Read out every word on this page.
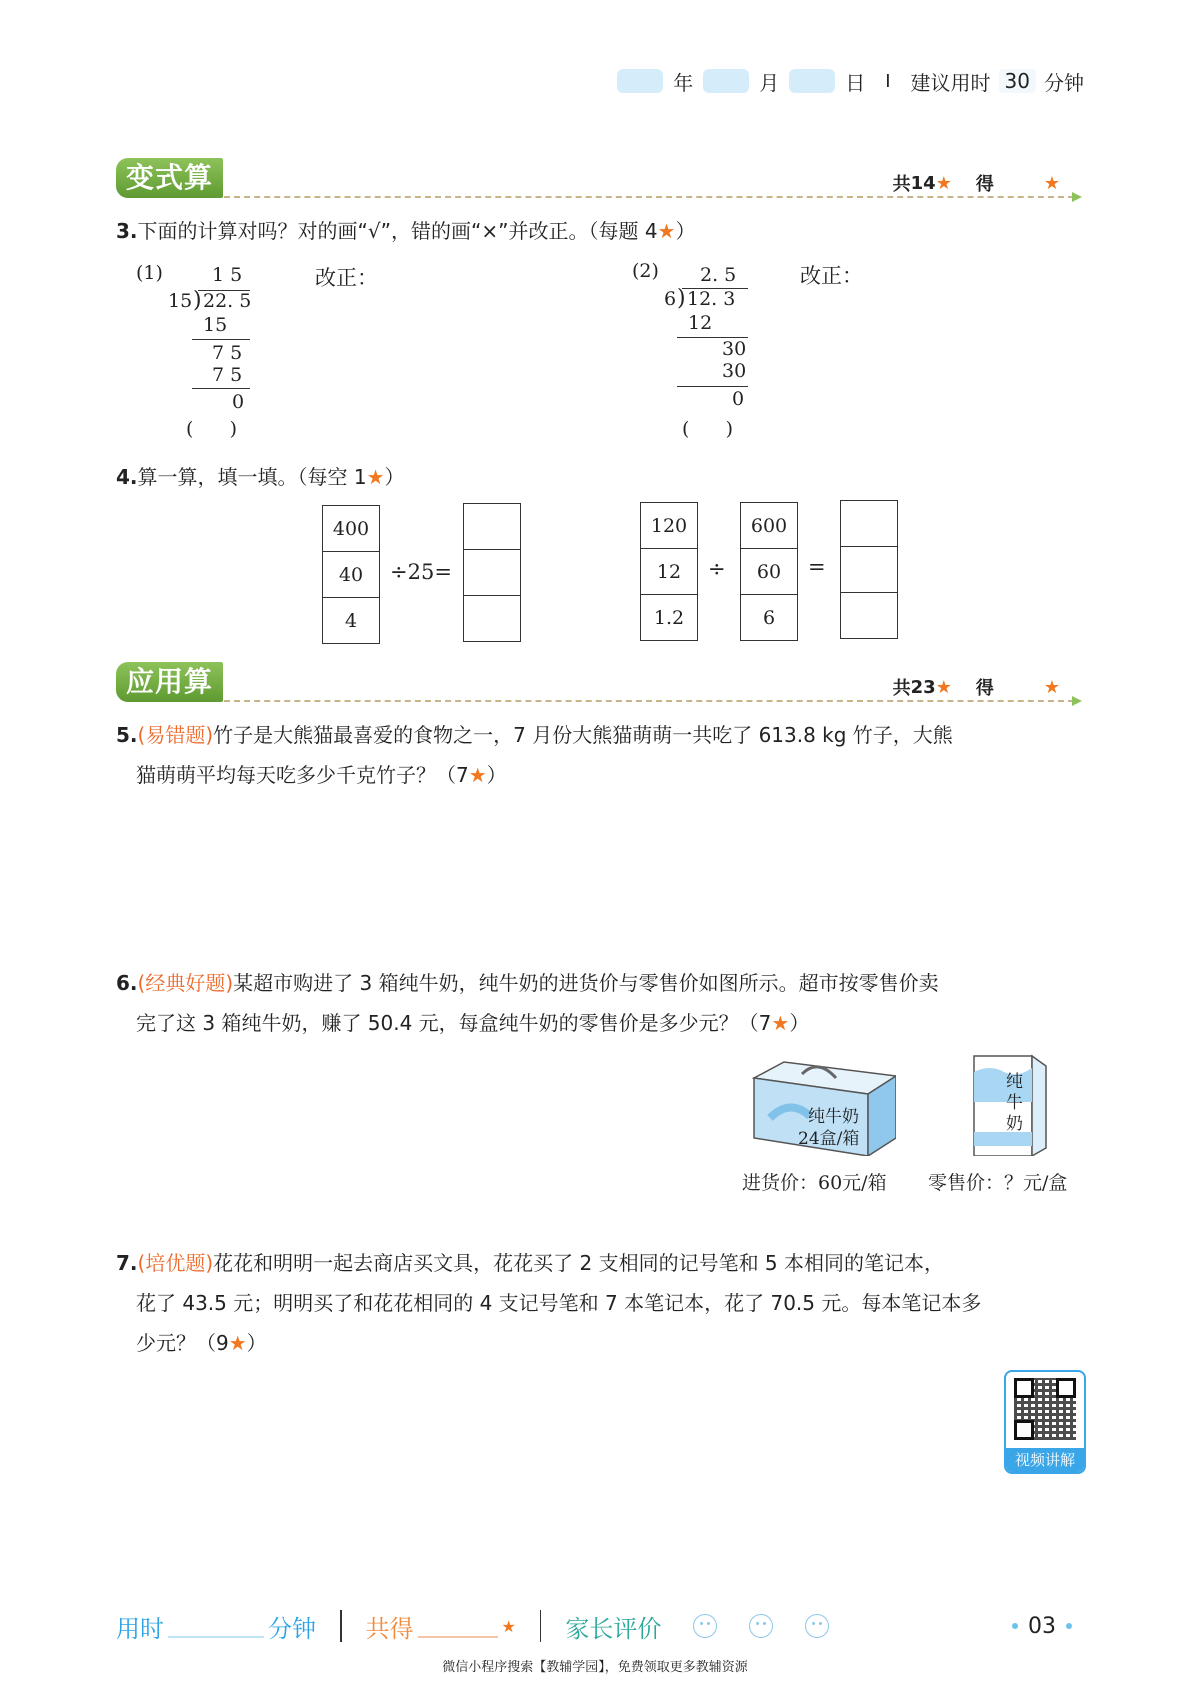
年	月	日 I 建议用时 30 分钟
变式算	共 14 ★ 得	★
3.下面的计算对吗？对的画“√”，错的画“×”并改正。（每题 4★）
(1)	1 5
15 ) 22. 5
15
7 5
7 5
0
(      )
改正：	(2) 2. 5
6 ) 12. 3
12
30
30
0
(      )
改正：
4.算一算，填一填。（每空 1★）
400
40
4
÷25=
120
12
1.2
÷
600
60
6
=
应用算	共 23 ★ 得	★
5.(易错题)竹子是大熊猫最喜爱的食物之一，7 月份大熊猫萌萌一共吃了 613.8 kg 竹子，大熊
猫萌萌平均每天吃多少千克竹子？（7★）
6.(经典好题)某超市购进了 3 箱纯牛奶，纯牛奶的进货价与零售价如图所示。超市按零售价卖
完了这 3 箱纯牛奶，赚了 50.4 元，每盒纯牛奶的零售价是多少元？（7★）
纯牛奶
24盒/箱
纯
牛
奶
进货价：60元/箱 零售价：？元/盒
7.(培优题)花花和明明一起去商店买文具，花花买了 2 支相同的记号笔和 5 本相同的笔记本，
花了 43.5 元；明明买了和花花相同的 4 支记号笔和 7 本笔记本，花了 70.5 元。每本笔记本多
少元？（9★）
视频讲解
用时	分钟 共得	★ 家长评价	03
微信小程序搜索【教辅学园】，免费领取更多教辅资源
